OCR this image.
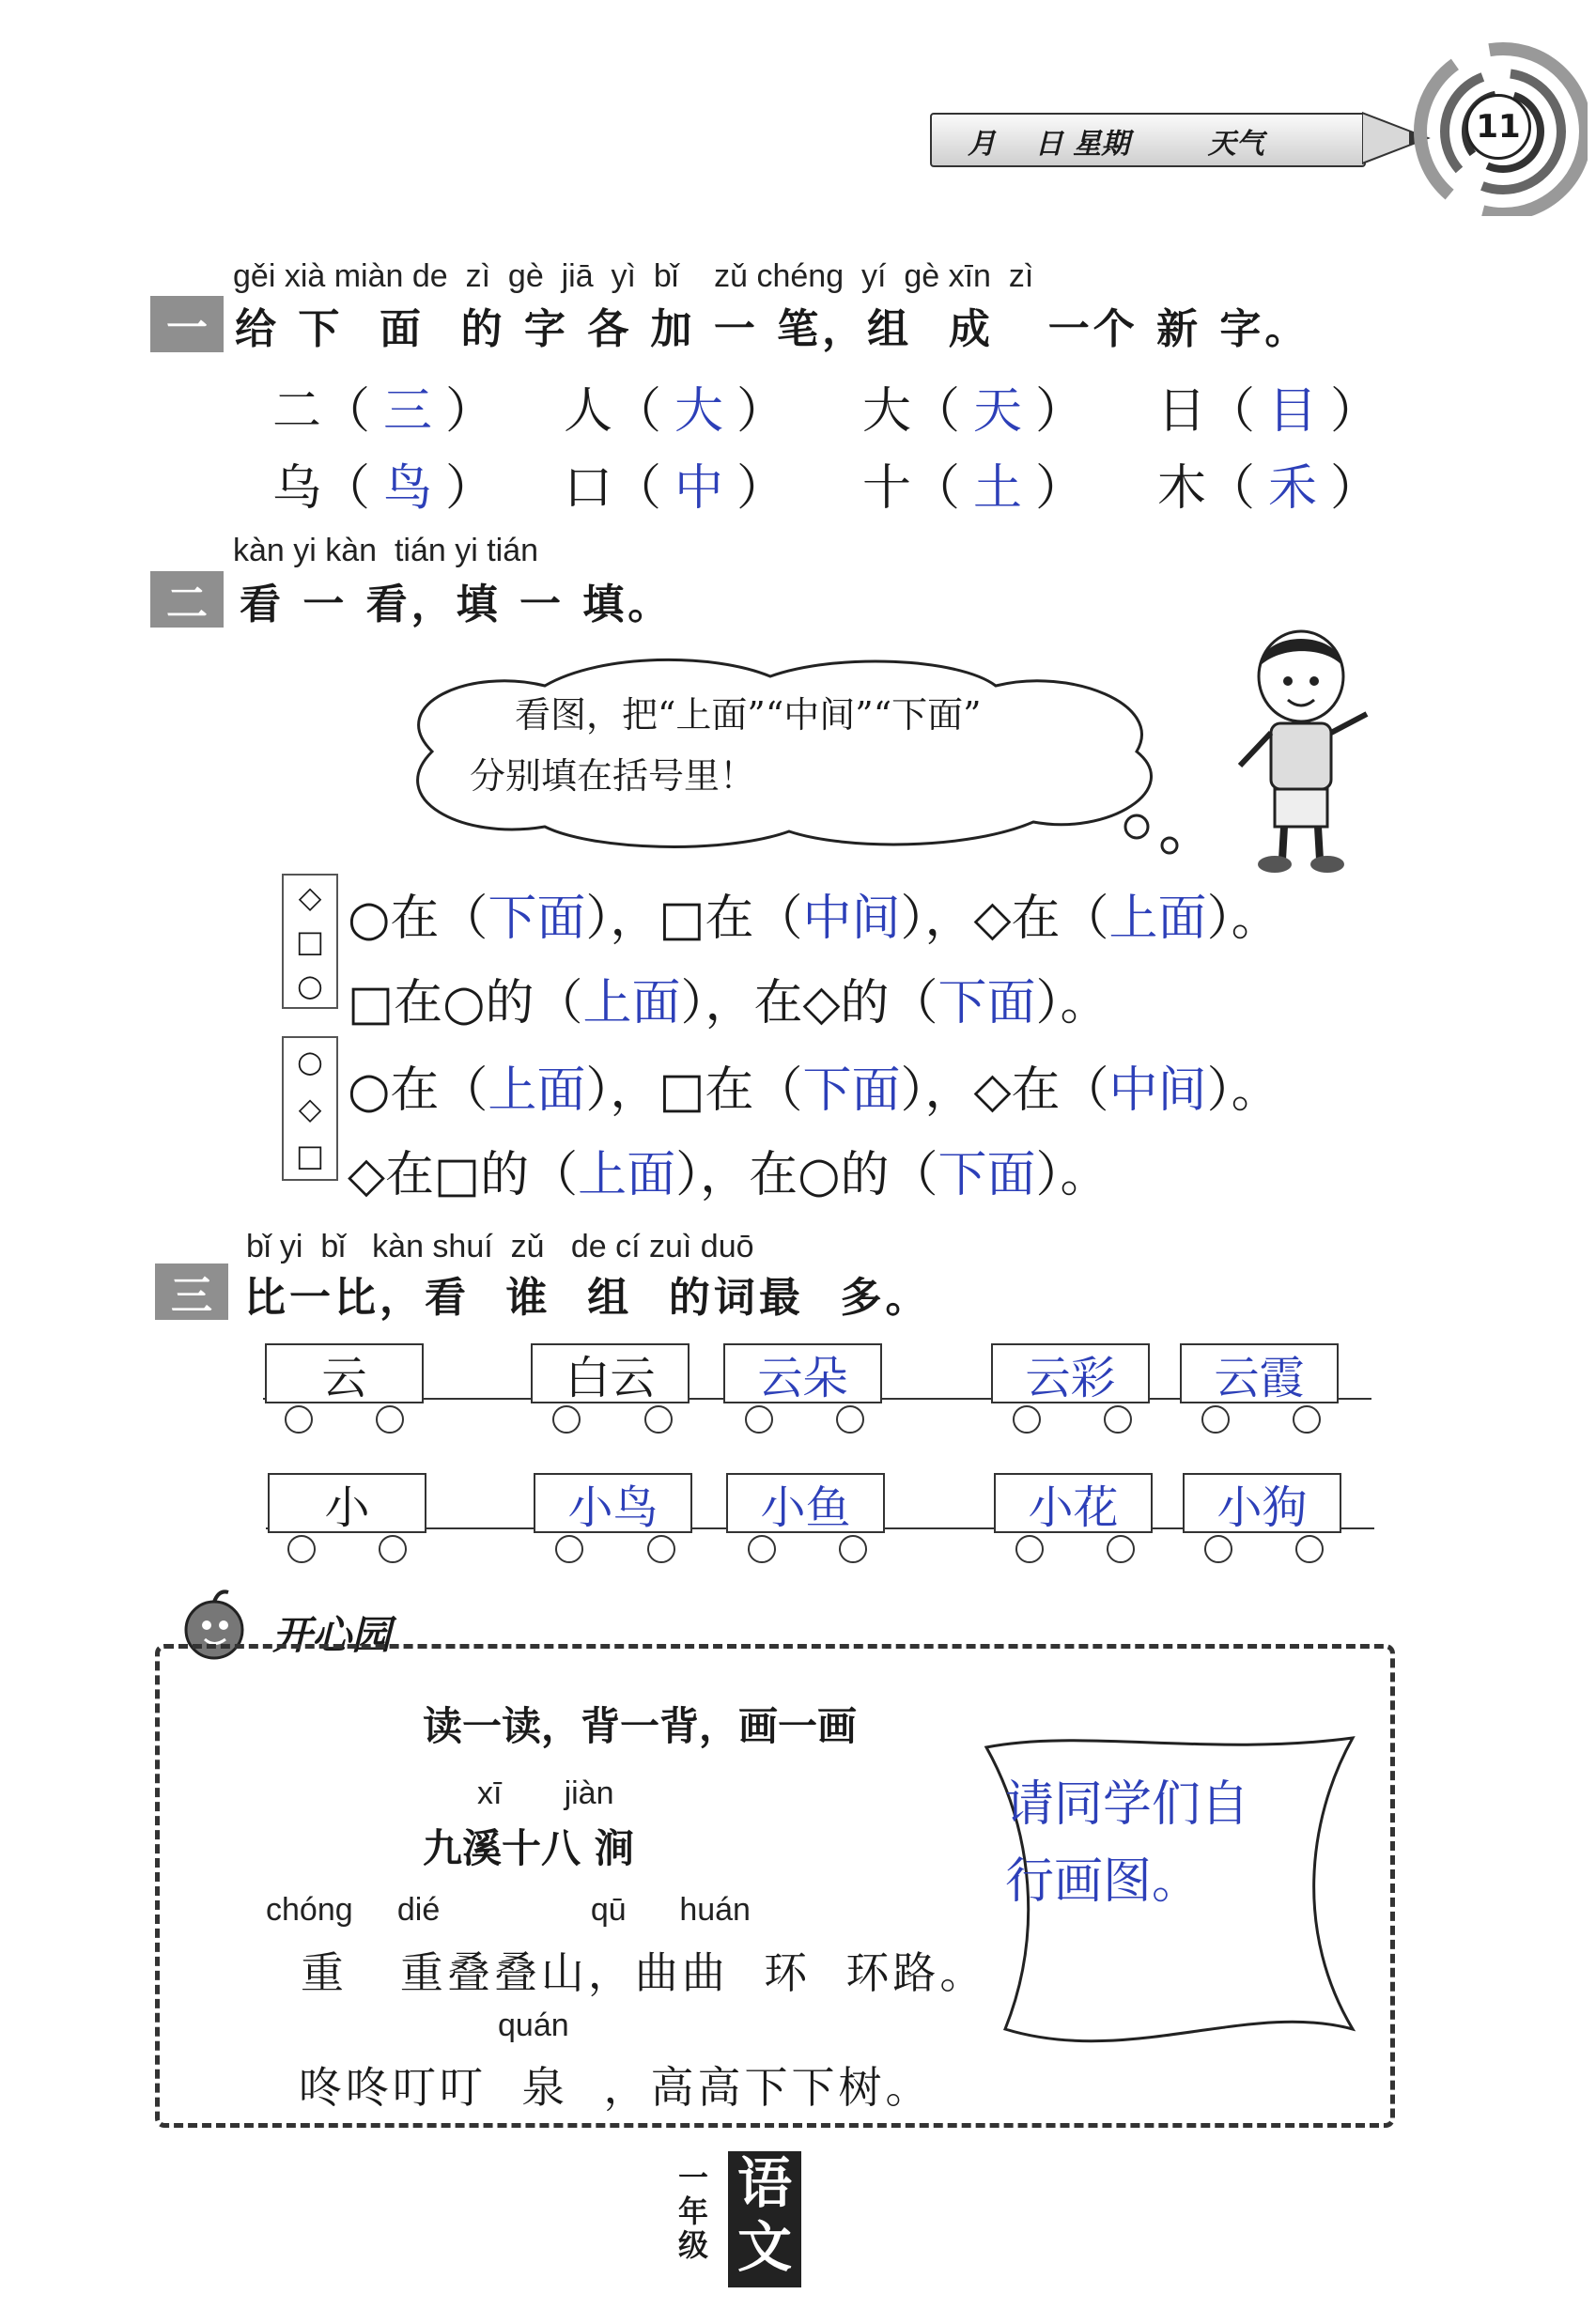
月    日 星期        天气	11
gěi xià miàn de  zì  gè  jiā  yì  bǐ    zǔ chéng  yí  gè xīn  zì
一 给 下  面  的 字 各 加 一 笔，组  成   一个 新 字。
二（ 三 ） 人（ 大 ） 大（ 天 ） 日（ 目 ）
乌（ 鸟 ） 口（ 中 ） 十（ 土 ） 木（ 禾 ）
kàn yi kàn  tián yi tián
二 看 一 看，填 一 填。
看图，把“上面”“中间”“下面”
分别填在括号里！
◇
□
○
○在（下面），□在（中间），◇在（上面）。
□在○的（上面），在◇的（下面）。
○
◇
□
○在（上面），□在（下面），◇在（中间）。
◇在□的（上面），在○的（下面）。
bǐ yi  bǐ   kàn shuí  zǔ   de cí zuì duō
三 比一比，看  谁  组  的词最  多。
云	白云 云朵	云彩 云霞
小	小鸟 小鱼	小花 小狗
开心园
读一读，背一背，画一画
xī       jiàn
九溪十八 涧
chóng     dié                 qū      huán
重   重叠叠山，曲曲  环  环路。
quán
咚咚叮叮  泉  ，高高下下树。
请同学们自行画图。
一年级
语文
